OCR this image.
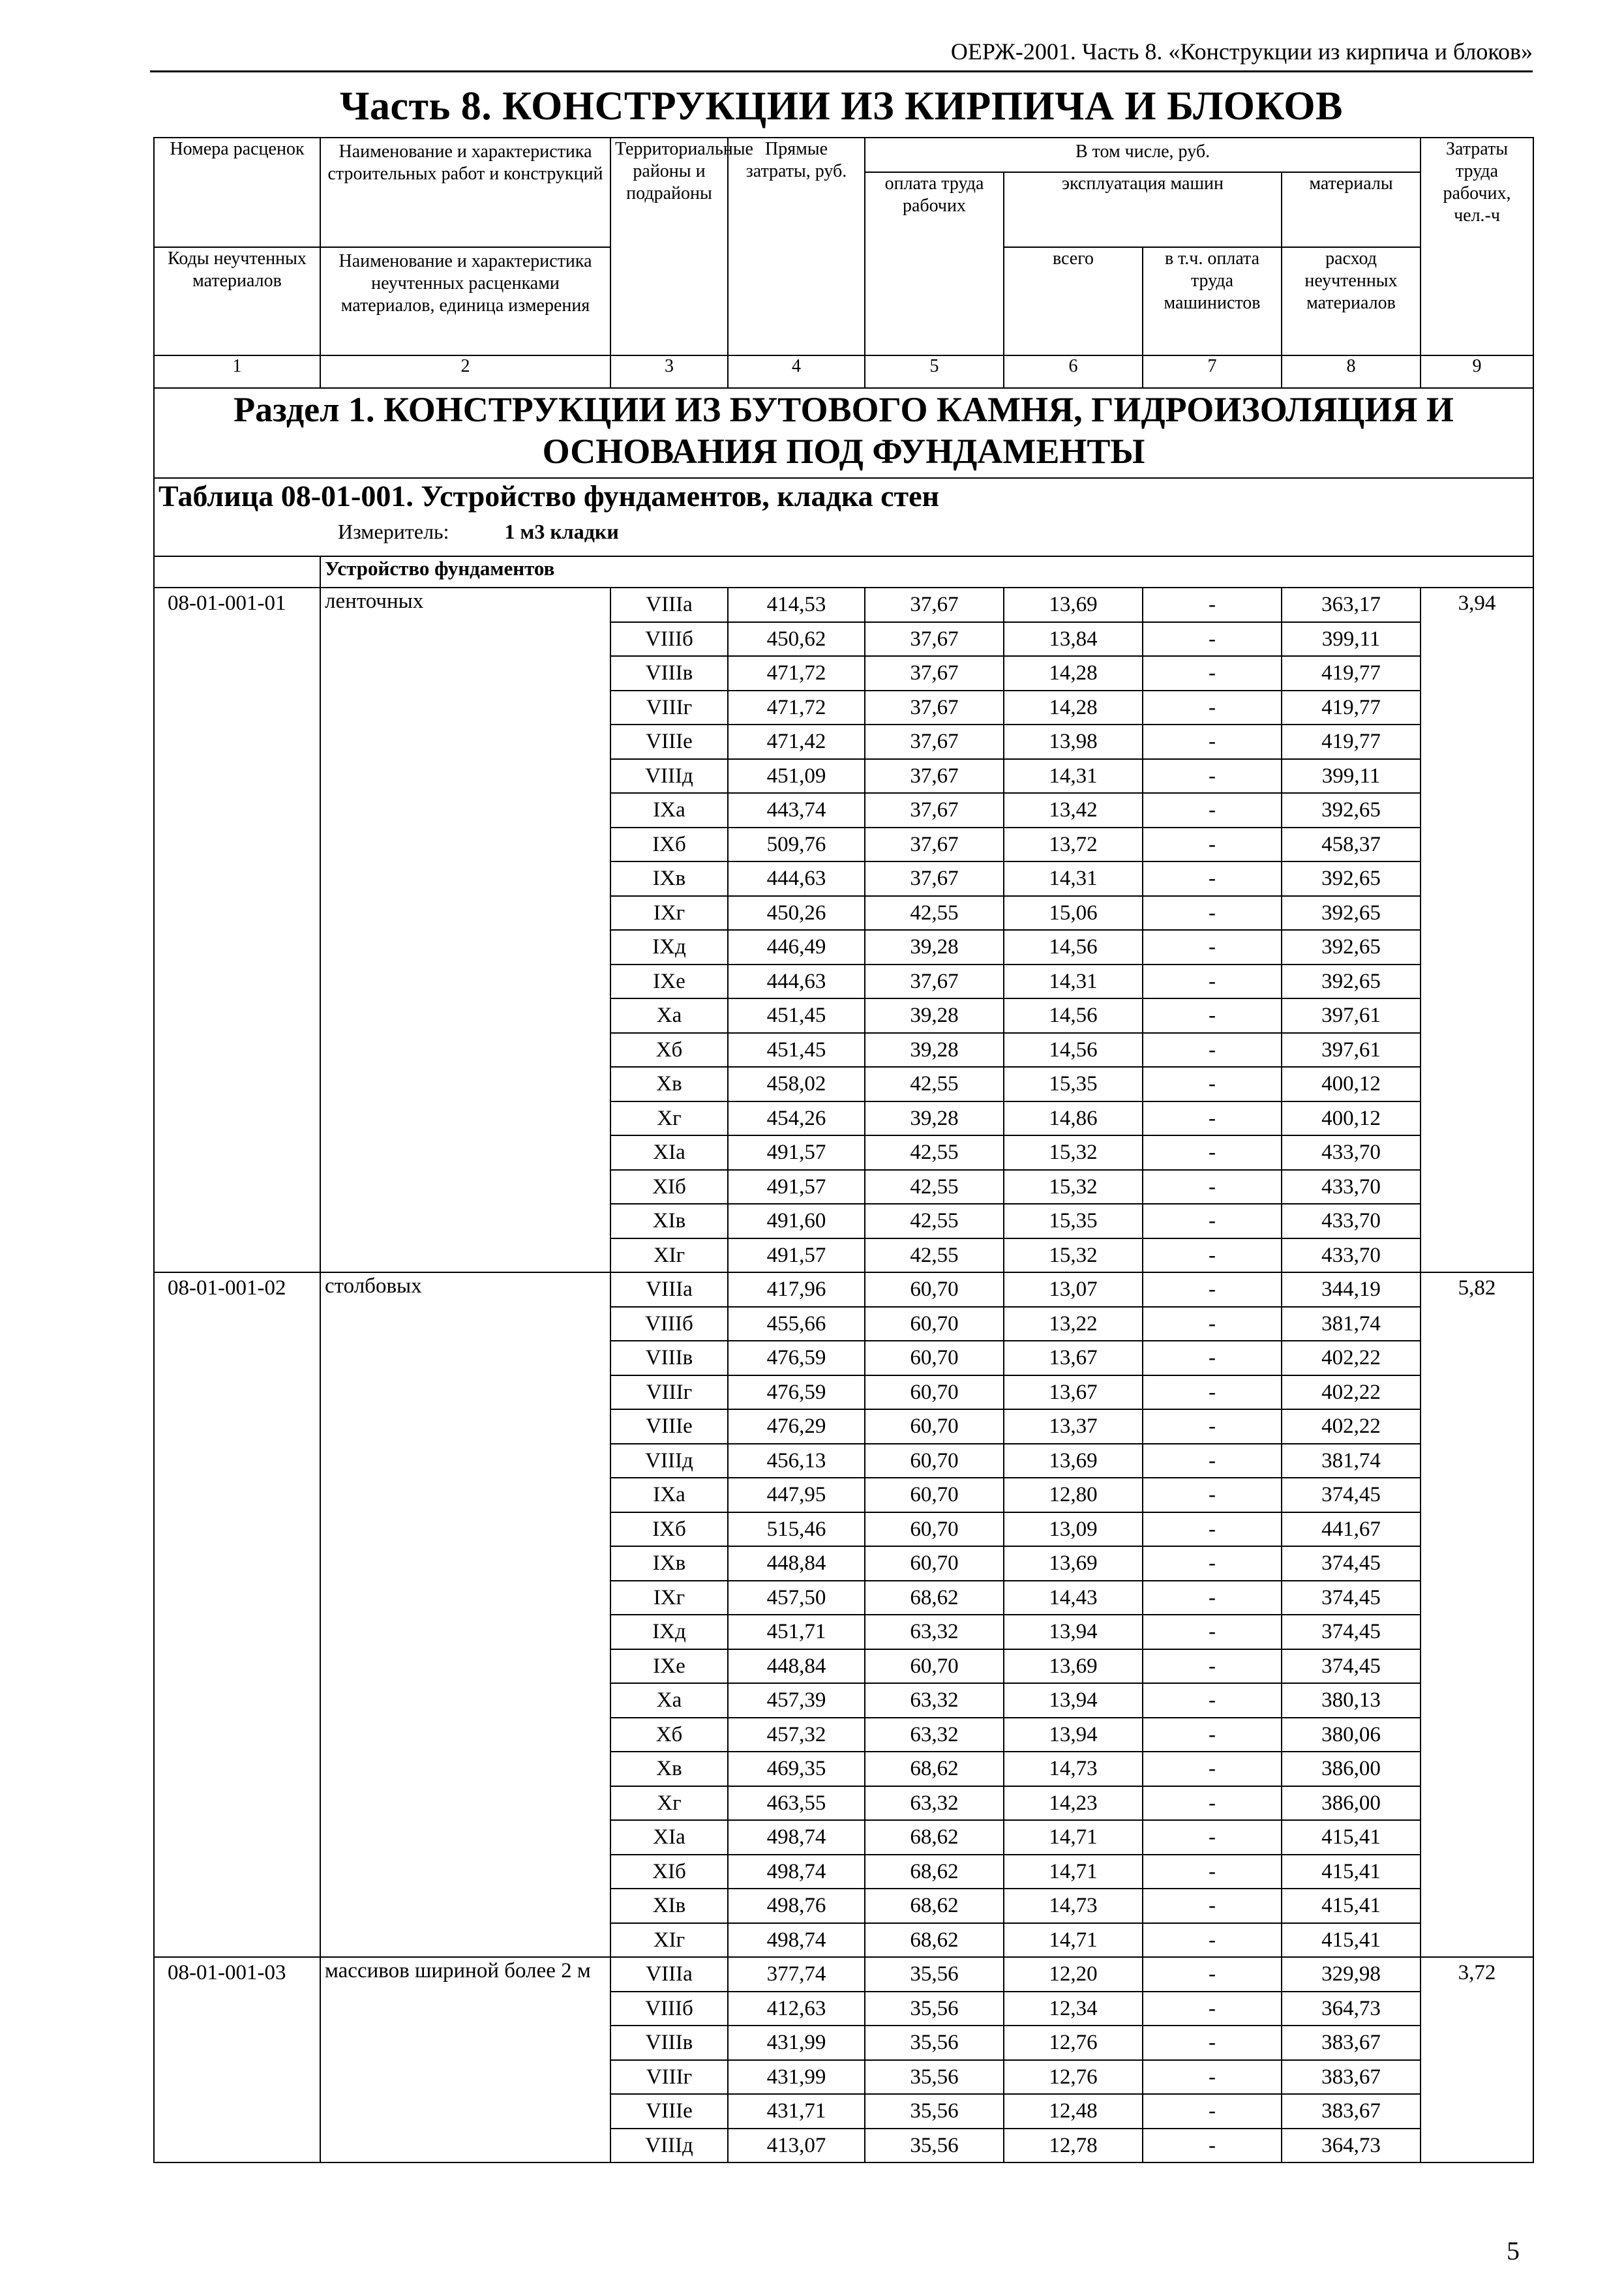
ОЕРЖ-2001. Часть 8. «Конструкции из кирпича и блоков»
Часть 8. КОНСТРУКЦИИ ИЗ КИРПИЧА И БЛОКОВ
Номера расценок	Наименование и характеристика строительных работ и конструкций	Территориальные районы и подрайоны	Прямые затраты, руб.	В том числе, руб.				Затраты труда рабочих, чел.-ч
				оплата труда рабочих	эксплуатация машин		материалы	
Коды неучтенных материалов	Наименование и характеристика неучтенных расценками материалов, единица измерения				всего	в т.ч. оплата труда машинистов	расход неучтенных материалов	
1	2	3	4	5	6	7	8	9
Раздел 1. КОНСТРУКЦИИ ИЗ БУТОВОГО КАМНЯ, ГИДРОИЗОЛЯЦИЯ И ОСНОВАНИЯ ПОД ФУНДАМЕНТЫ								

Таблица 08-01-001. Устройство фундаментов, кладка стен
Измеритель: 1 м3 кладки								

	Устройство фундаментов							
08-01-001-01	ленточных	VIIIа	414,53	37,67	13,69	-	363,17	3,94
		VIIIб	450,62	37,67	13,84	-	399,11	
		VIIIв	471,72	37,67	14,28	-	419,77	
		VIIIг	471,72	37,67	14,28	-	419,77	
		VIIIе	471,42	37,67	13,98	-	419,77	
		VIIIд	451,09	37,67	14,31	-	399,11	
		IXа	443,74	37,67	13,42	-	392,65	
		IXб	509,76	37,67	13,72	-	458,37	
		IXв	444,63	37,67	14,31	-	392,65	
		IXг	450,26	42,55	15,06	-	392,65	
		IXд	446,49	39,28	14,56	-	392,65	
		IXе	444,63	37,67	14,31	-	392,65	
		Xа	451,45	39,28	14,56	-	397,61	
		Xб	451,45	39,28	14,56	-	397,61	
		Xв	458,02	42,55	15,35	-	400,12	
		Xг	454,26	39,28	14,86	-	400,12	
		XIа	491,57	42,55	15,32	-	433,70	
		XIб	491,57	42,55	15,32	-	433,70	
		XIв	491,60	42,55	15,35	-	433,70	
		XIг	491,57	42,55	15,32	-	433,70	
08-01-001-02	столбовых	VIIIа	417,96	60,70	13,07	-	344,19	5,82
		VIIIб	455,66	60,70	13,22	-	381,74	
		VIIIв	476,59	60,70	13,67	-	402,22	
		VIIIг	476,59	60,70	13,67	-	402,22	
		VIIIе	476,29	60,70	13,37	-	402,22	
		VIIIд	456,13	60,70	13,69	-	381,74	
		IXа	447,95	60,70	12,80	-	374,45	
		IXб	515,46	60,70	13,09	-	441,67	
		IXв	448,84	60,70	13,69	-	374,45	
		IXг	457,50	68,62	14,43	-	374,45	
		IXд	451,71	63,32	13,94	-	374,45	
		IXе	448,84	60,70	13,69	-	374,45	
		Xа	457,39	63,32	13,94	-	380,13	
		Xб	457,32	63,32	13,94	-	380,06	
		Xв	469,35	68,62	14,73	-	386,00	
		Xг	463,55	63,32	14,23	-	386,00	
		XIа	498,74	68,62	14,71	-	415,41	
		XIб	498,74	68,62	14,71	-	415,41	
		XIв	498,76	68,62	14,73	-	415,41	
		XIг	498,74	68,62	14,71	-	415,41	
08-01-001-03	массивов шириной более 2 м	VIIIа	377,74	35,56	12,20	-	329,98	3,72
		VIIIб	412,63	35,56	12,34	-	364,73	
		VIIIв	431,99	35,56	12,76	-	383,67	
		VIIIг	431,99	35,56	12,76	-	383,67	
		VIIIе	431,71	35,56	12,48	-	383,67	
		VIIIд	413,07	35,56	12,78	-	364,73	
5
